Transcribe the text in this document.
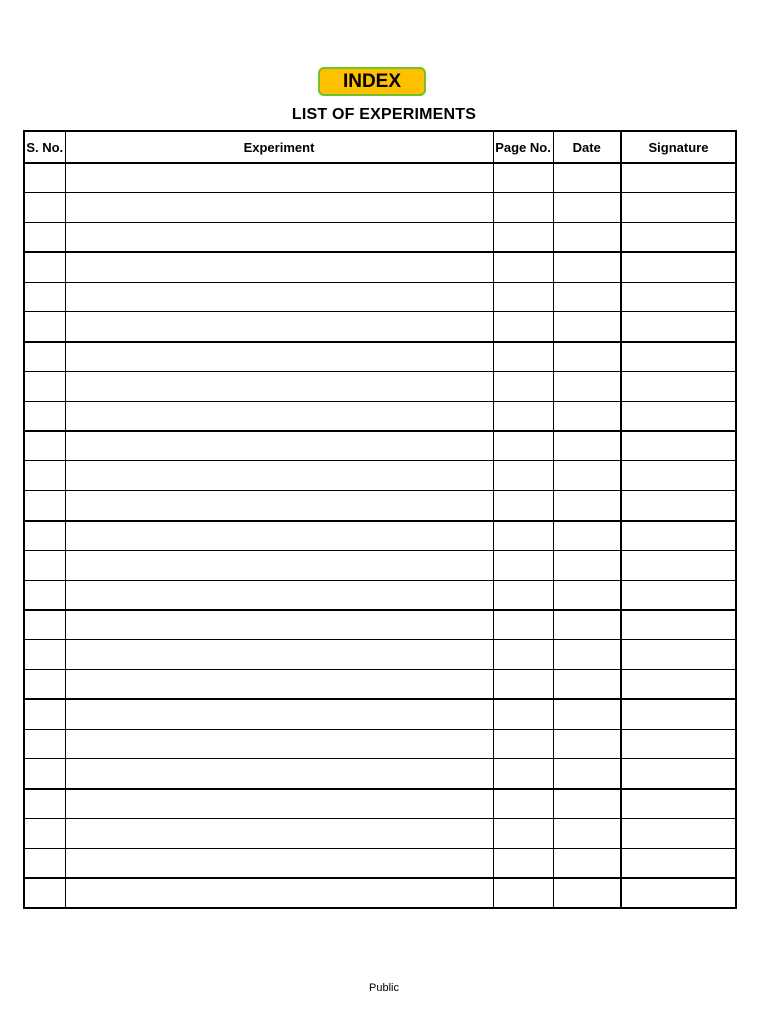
INDEX
LIST OF EXPERIMENTS
S. No.	Experiment	Page No.	Date	Signature

Public
